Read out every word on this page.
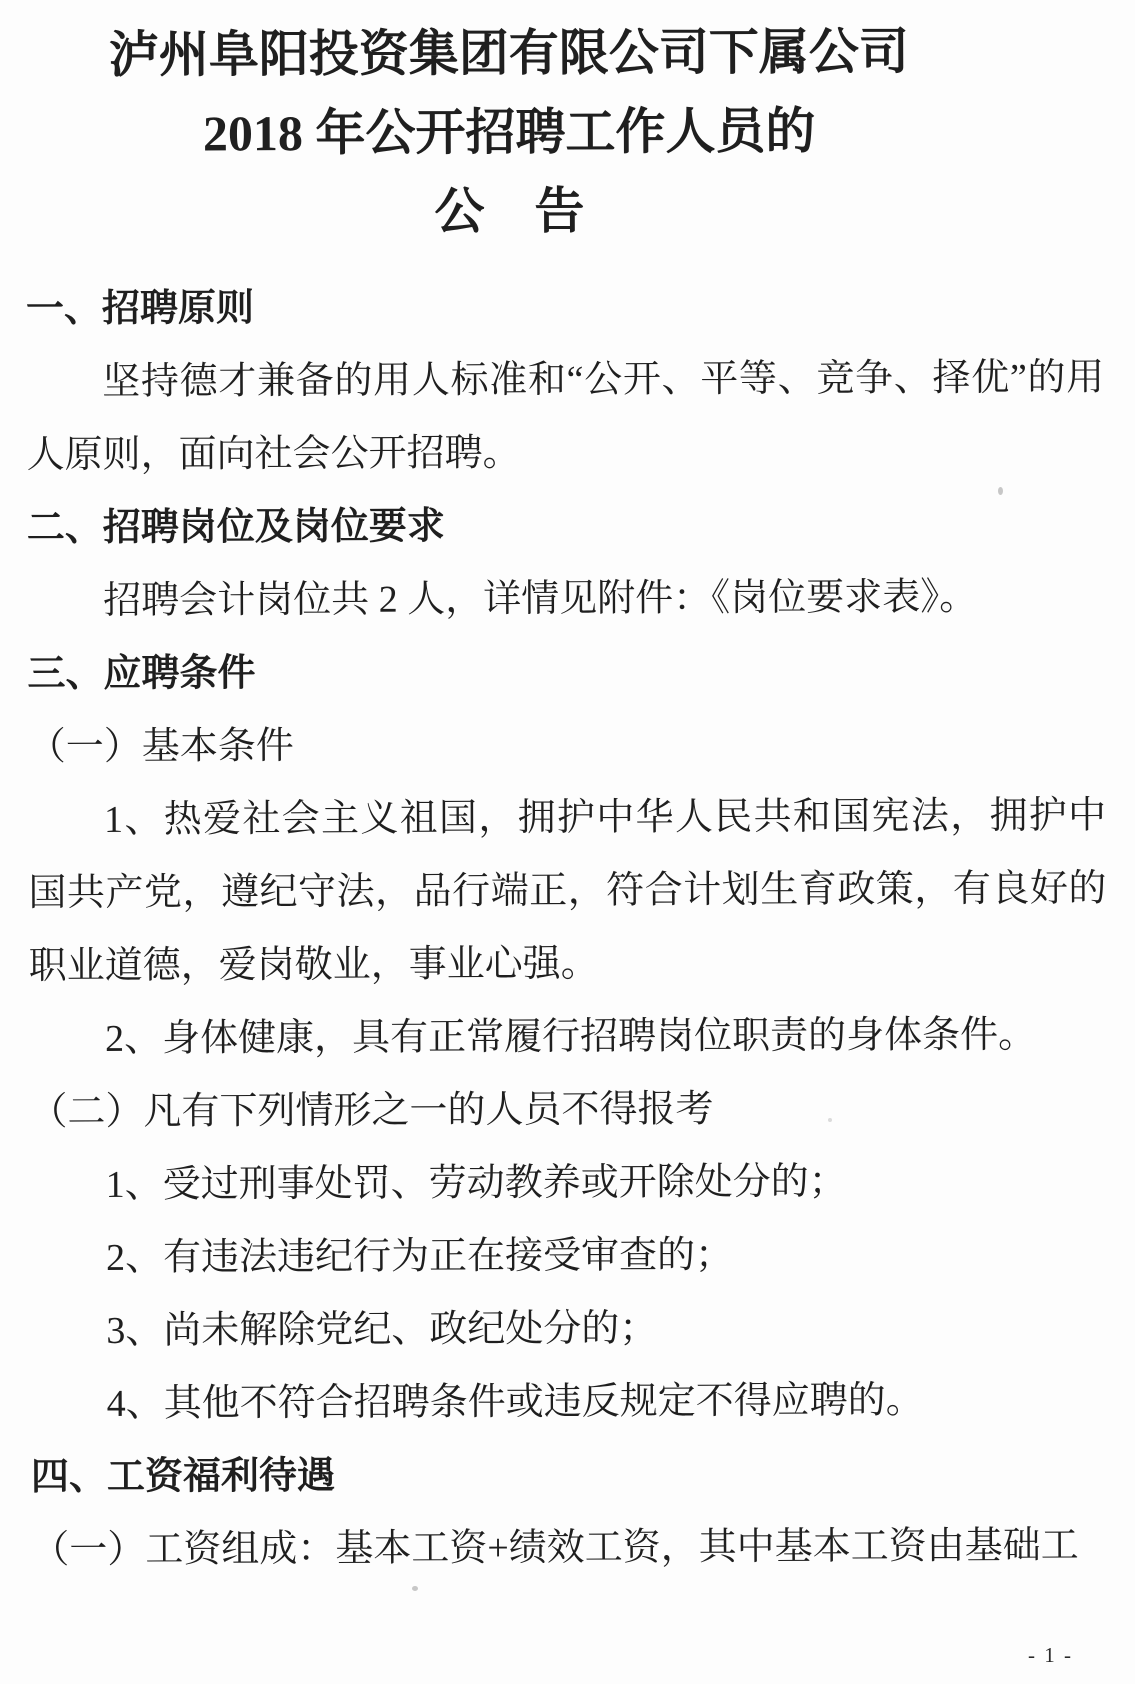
泸州阜阳投资集团有限公司下属公司
2018 年公开招聘工作人员的
公　告
一、招聘原则
坚持德才兼备的用人标准和“公开、平等、竞争、择优”的用人原则，面向社会公开招聘。
二、招聘岗位及岗位要求
招聘会计岗位共 2 人，详情见附件：《岗位要求表》。
三、应聘条件
（一）基本条件
1、热爱社会主义祖国，拥护中华人民共和国宪法，拥护中国共产党，遵纪守法，品行端正，符合计划生育政策，有良好的职业道德，爱岗敬业，事业心强。
2、身体健康，具有正常履行招聘岗位职责的身体条件。
（二）凡有下列情形之一的人员不得报考
1、受过刑事处罚、劳动教养或开除处分的；
2、有违法违纪行为正在接受审查的；
3、尚未解除党纪、政纪处分的；
4、其他不符合招聘条件或违反规定不得应聘的。
四、工资福利待遇
（一）工资组成：基本工资+绩效工资，其中基本工资由基础工
- 1 -
